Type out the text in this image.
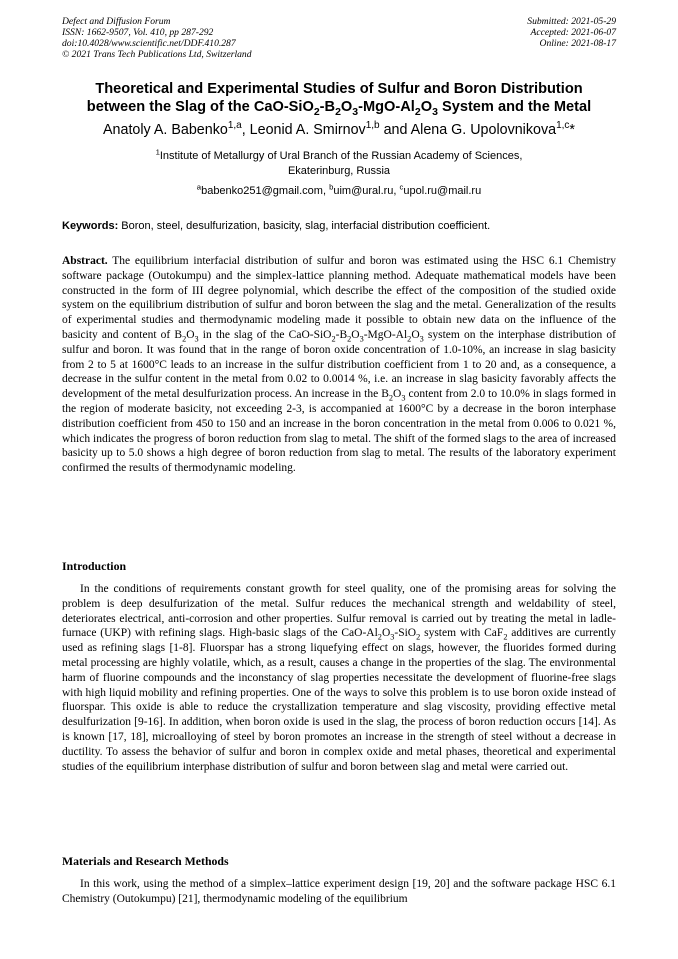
Defect and Diffusion Forum
ISSN: 1662-9507, Vol. 410, pp 287-292
doi:10.4028/www.scientific.net/DDF.410.287
© 2021 Trans Tech Publications Ltd, Switzerland
Submitted: 2021-05-29
Accepted: 2021-06-07
Online: 2021-08-17
Theoretical and Experimental Studies of Sulfur and Boron Distribution
between the Slag of the CaO-$SiO_2-B_2O_3-MgO-Al_2O_3$ System and the Metal
Anatoly A. Babenko$^{1,a}$, Leonid A. Smirnov$^{1,b}$ and Alena G. Upolovnikova$^{1,c}$*
$^1$Institute of Metallurgy of Ural Branch of the Russian Academy of Sciences,
Ekaterinburg, Russia
$^a$babenko251@gmail.com, $^b$uim@ural.ru, $^c$upol.ru@mail.ru
Keywords: Boron, steel, desulfurization, basicity, slag, interfacial distribution coefficient.
Abstract. The equilibrium interfacial distribution of sulfur and boron was estimated using the HSC 6.1 Chemistry software package (Outokumpu) and the simplex-lattice planning method. Adequate mathematical models have been constructed in the form of III degree polynomial, which describe the effect of the composition of the studied oxide system on the equilibrium distribution of sulfur and boron between the slag and the metal. Generalization of the results of experimental studies and thermodynamic modeling made it possible to obtain new data on the influence of the basicity and content of $B_2O_3$ in the slag of the CaO-$SiO_2-B_2O_3-MgO-Al_2O_3$ system on the interphase distribution of sulfur and boron. It was found that in the range of boron oxide concentration of 1.0-10%, an increase in slag basicity from 2 to 5 at 1600°C leads to an increase in the sulfur distribution coefficient from 1 to 20 and, as a consequence, a decrease in the sulfur content in the metal from 0.02 to 0.0014 %, i.e. an increase in slag basicity favorably affects the development of the metal desulfurization process. An increase in the $B_2O_3$ content from 2.0 to 10.0% in slags formed in the region of moderate basicity, not exceeding 2-3, is accompanied at 1600°C by a decrease in the boron interphase distribution coefficient from 450 to 150 and an increase in the boron concentration in the metal from 0.006 to 0.021 %, which indicates the progress of boron reduction from slag to metal. The shift of the formed slags to the area of increased basicity up to 5.0 shows a high degree of boron reduction from slag to metal. The results of the laboratory experiment confirmed the results of thermodynamic modeling.
Introduction
In the conditions of requirements constant growth for steel quality, one of the promising areas for solving the problem is deep desulfurization of the metal. Sulfur reduces the mechanical strength and weldability of steel, deteriorates electrical, anti-corrosion and other properties. Sulfur removal is carried out by treating the metal in ladle-furnace (UKP) with refining slags. High-basic slags of the CaO-$Al_2O_3-SiO_2$ system with CaF$_2$ additives are currently used as refining slags [1-8]. Fluorspar has a strong liquefying effect on slags, however, the fluorides formed during metal processing are highly volatile, which, as a result, causes a change in the properties of the slag. The environmental harm of fluorine compounds and the inconstancy of slag properties necessitate the development of fluorine-free slags with high liquid mobility and refining properties. One of the ways to solve this problem is to use boron oxide instead of fluorspar. This oxide is able to reduce the crystallization temperature and slag viscosity, providing effective metal desulfurization [9-16]. In addition, when boron oxide is used in the slag, the process of boron reduction occurs [14]. As is known [17, 18], microalloying of steel by boron promotes an increase in the strength of steel without a decrease in ductility. To assess the behavior of sulfur and boron in complex oxide and metal phases, theoretical and experimental studies of the equilibrium interphase distribution of sulfur and boron between slag and metal were carried out.
Materials and Research Methods
In this work, using the method of a simplex–lattice experiment design [19, 20] and the software package HSC 6.1 Chemistry (Outokumpu) [21], thermodynamic modeling of the equilibrium
